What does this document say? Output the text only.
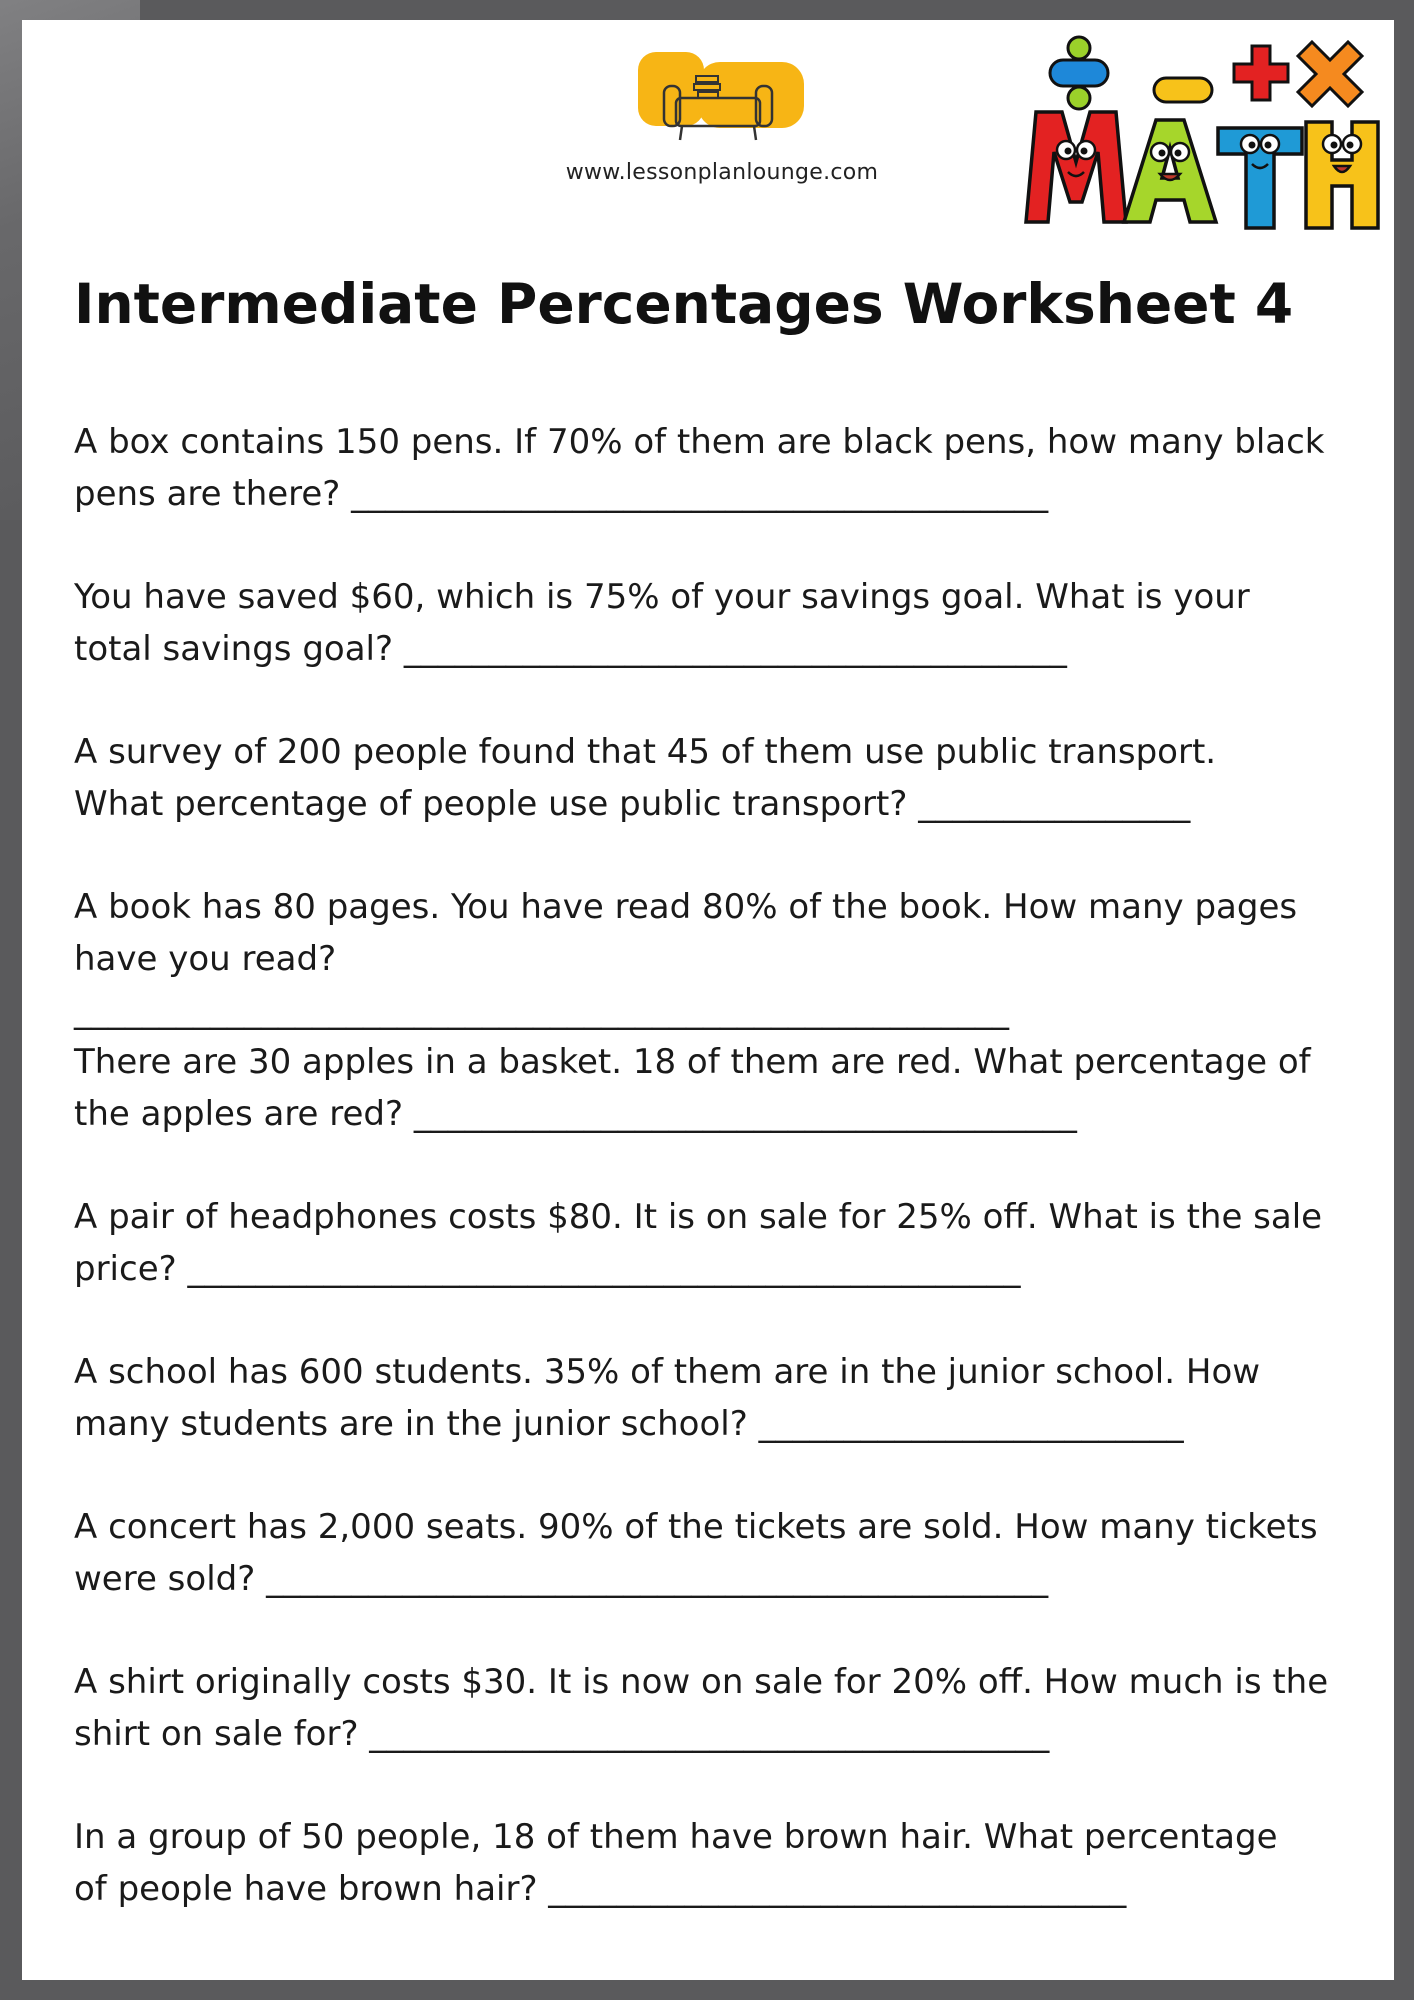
www.lessonplanlounge.com
Intermediate Percentages Worksheet 4
A box contains 150 pens. If 70% of them are black pens, how many black
pens are there? _________________________________________
You have saved $60, which is 75% of your savings goal. What is your
total savings goal? _______________________________________
A survey of 200 people found that 45 of them use public transport.
What percentage of people use public transport? ________________
A book has 80 pages. You have read 80% of the book. How many pages
have you read?
_______________________________________________________
There are 30 apples in a basket. 18 of them are red. What percentage of
the apples are red? _______________________________________
A pair of headphones costs $80. It is on sale for 25% off. What is the sale
price? _________________________________________________
A school has 600 students. 35% of them are in the junior school. How
many students are in the junior school? _________________________
A concert has 2,000 seats. 90% of the tickets are sold. How many tickets
were sold? ______________________________________________
A shirt originally costs $30. It is now on sale for 20% off. How much is the
shirt on sale for? ________________________________________
In a group of 50 people, 18 of them have brown hair. What percentage
of people have brown hair? __________________________________
